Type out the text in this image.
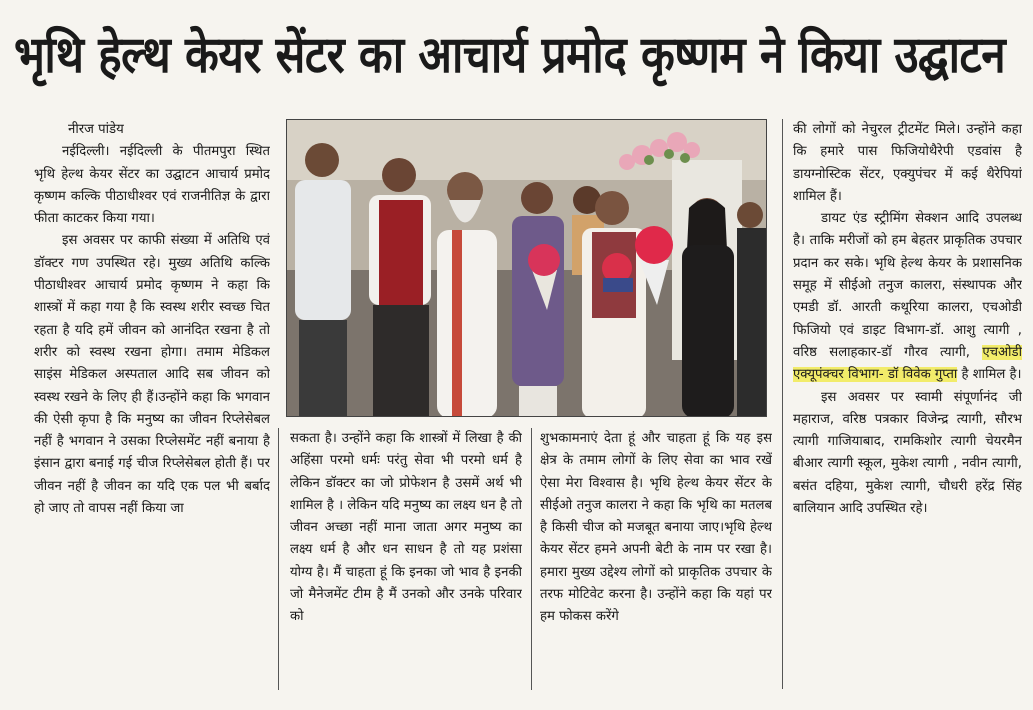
भृथि हेल्थ केयर सेंटर का आचार्य प्रमोद कृष्णम ने किया उद्घाटन

नीरज पांडेय

नईदिल्ली। नईदिल्ली के पीतमपुरा स्थित भृथि हेल्थ केयर सेंटर का उद्घाटन आचार्य प्रमोद कृष्णम कल्कि पीठाधीश्वर एवं राजनीतिज्ञ के द्वारा फीता काटकर किया गया।

इस अवसर पर काफी संख्या में अतिथि एवं डॉक्टर गण उपस्थित रहे। मुख्य अतिथि कल्कि पीठाधीश्वर आचार्य प्रमोद कृष्णम ने कहा कि शास्त्रों में कहा गया है कि स्वस्थ शरीर स्वच्छ चित रहता है यदि हमें जीवन को आनंदित रखना है तो शरीर को स्वस्थ रखना होगा। तमाम मेडिकल साइंस मेडिकल अस्पताल आदि सब जीवन को स्वस्थ रखने के लिए ही हैं।उन्होंने कहा कि भगवान की ऐसी कृपा है कि मनुष्य का जीवन रिप्लेसेबल नहीं है भगवान ने उसका रिप्लेसमेंट नहीं बनाया है इंसान द्वारा बनाई गई चीज रिप्लेसेबल होती हैं। पर जीवन नहीं है जीवन का यदि एक पल भी बर्बाद हो जाए तो वापस नहीं किया जा

सकता है। उन्होंने कहा कि शास्त्रों में लिखा है की अहिंसा परमो धर्मः परंतु सेवा भी परमो धर्म है लेकिन डॉक्टर का जो प्रोफेशन है उसमें अर्थ भी शामिल है । लेकिन यदि मनुष्य का लक्ष्य धन है तो जीवन अच्छा नहीं माना जाता अगर मनुष्य का लक्ष्य धर्म है और धन साधन है तो यह प्रशंसा योग्य है। मैं चाहता हूं कि इनका जो भाव है इनकी जो मैनेजमेंट टीम है मैं उनको और उनके परिवार को

शुभकामनाएं देता हूं और चाहता हूं कि यह इस क्षेत्र के तमाम लोगों के लिए सेवा का भाव रखें ऐसा मेरा विश्वास है। भृथि हेल्थ केयर सेंटर के सीईओ तनुज कालरा ने कहा कि भृथि का मतलब है किसी चीज को मजबूत बनाया जाए।भृथि हेल्थ केयर सेंटर हमने अपनी बेटी के नाम पर रखा है।हमारा मुख्य उद्देश्य लोगों को प्राकृतिक उपचार के तरफ मोटिवेट करना है। उन्होंने कहा कि यहां पर हम फोकस करेंगे

की लोगों को नेचुरल ट्रीटमेंट मिले। उन्होंने कहा कि हमारे पास फिजियोथैरेपी एडवांस है डायग्नोस्टिक सेंटर, एक्युपंचर में कई थैरेपियां शामिल हैं।

डायट एंड स्ट्रीमिंग सेक्शन आदि उपलब्ध है। ताकि मरीजों को हम बेहतर प्राकृतिक उपचार प्रदान कर सके। भृथि हेल्थ केयर के प्रशासनिक समूह में सीईओ तनुज कालरा, संस्थापक और एमडी डॉ. आरती कथूरिया कालरा, एचओडी फिजियो एवं डाइट विभाग-डॉ. आशु त्यागी , वरिष्ठ सलाहकार-डॉ गौरव त्यागी, एचओडी एक्यूपंक्चर विभाग- डॉ विवेक गुप्ता है शामिल है।

इस अवसर पर स्वामी संपूर्णानंद जी महाराज, वरिष्ठ पत्रकार विजेन्द्र त्यागी, सौरभ त्यागी गाजियाबाद, रामकिशोर त्यागी चेयरमैन बीआर त्यागी स्कूल, मुकेश त्यागी , नवीन त्यागी, बसंत दहिया, मुकेश त्यागी, चौधरी हरेंद्र सिंह बालियान आदि उपस्थित रहे।
